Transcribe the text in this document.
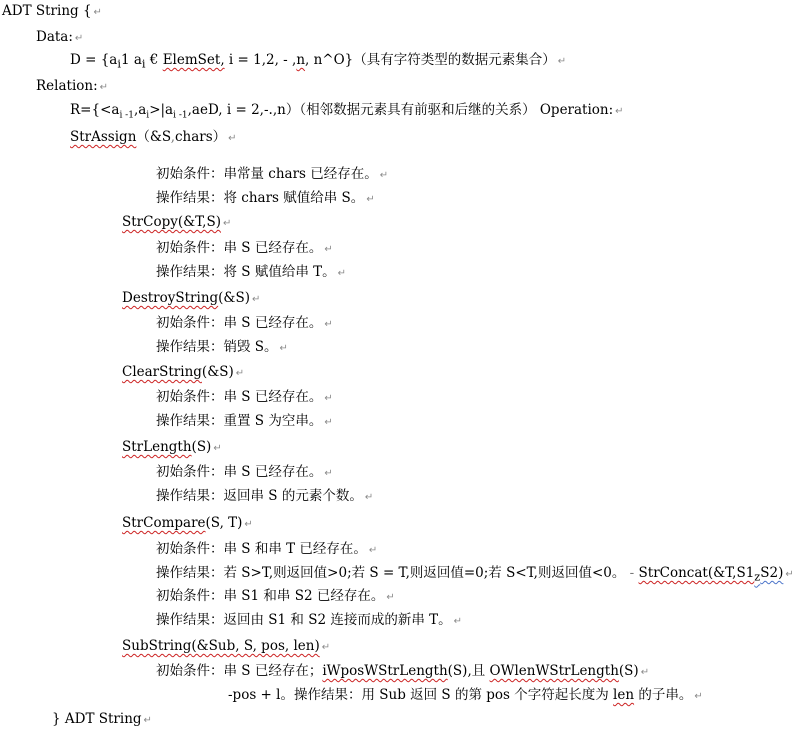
ADT String { ↵
Data: ↵
$D = \{a_i1$ $a_i$ € ElemSet, i = 1,2, - ,n, n^O}（具有字符类型的数据元素集合） ↵
Relation: ↵
$R=\{<a_{i -1},a_i>|a_{i -1},aeD$, i = 2,-.,n）（相邻数据元素具有前驱和后继的关系） Operation: ↵
StrAssign（&S,chars） ↵
初始条件：串常量 chars 已经存在。 ↵
操作结果：将 chars 赋值给串 S。 ↵
StrCopy(&T,S) ↵
初始条件：串 S 已经存在。 ↵
操作结果：将 S 赋值给串 T。 ↵
DestroyString(&S) ↵
初始条件：串 S 已经存在。 ↵
操作结果：销毁 S。 ↵
ClearString(&S) ↵
初始条件：串 S 已经存在。 ↵
操作结果：重置 S 为空串。 ↵
StrLength(S) ↵
初始条件：串 S 已经存在。 ↵
操作结果：返回串 S 的元素个数。 ↵
StrCompare(S, T) ↵
初始条件：串 S 和串 T 已经存在。 ↵
操作结果：若 S>T,则返回值>0;若 S = T,则返回值=0;若 S<T,则返回值<0。 - $StrConcat(\&T,S1_zS2)$ ↵
初始条件：串 S1 和串 S2 已经存在。 ↵
操作结果：返回由 S1 和 S2 连接而成的新串 T。 ↵
SubString(&Sub, S, pos, len) ↵
初始条件：串 S 已经存在；iWposWStrLength(S),且 OWlenWStrLength(S) ↵
-pos + l。操作结果：用 Sub 返回 S 的第 pos 个字符起长度为 len 的子串。 ↵
} ADT String ↵
